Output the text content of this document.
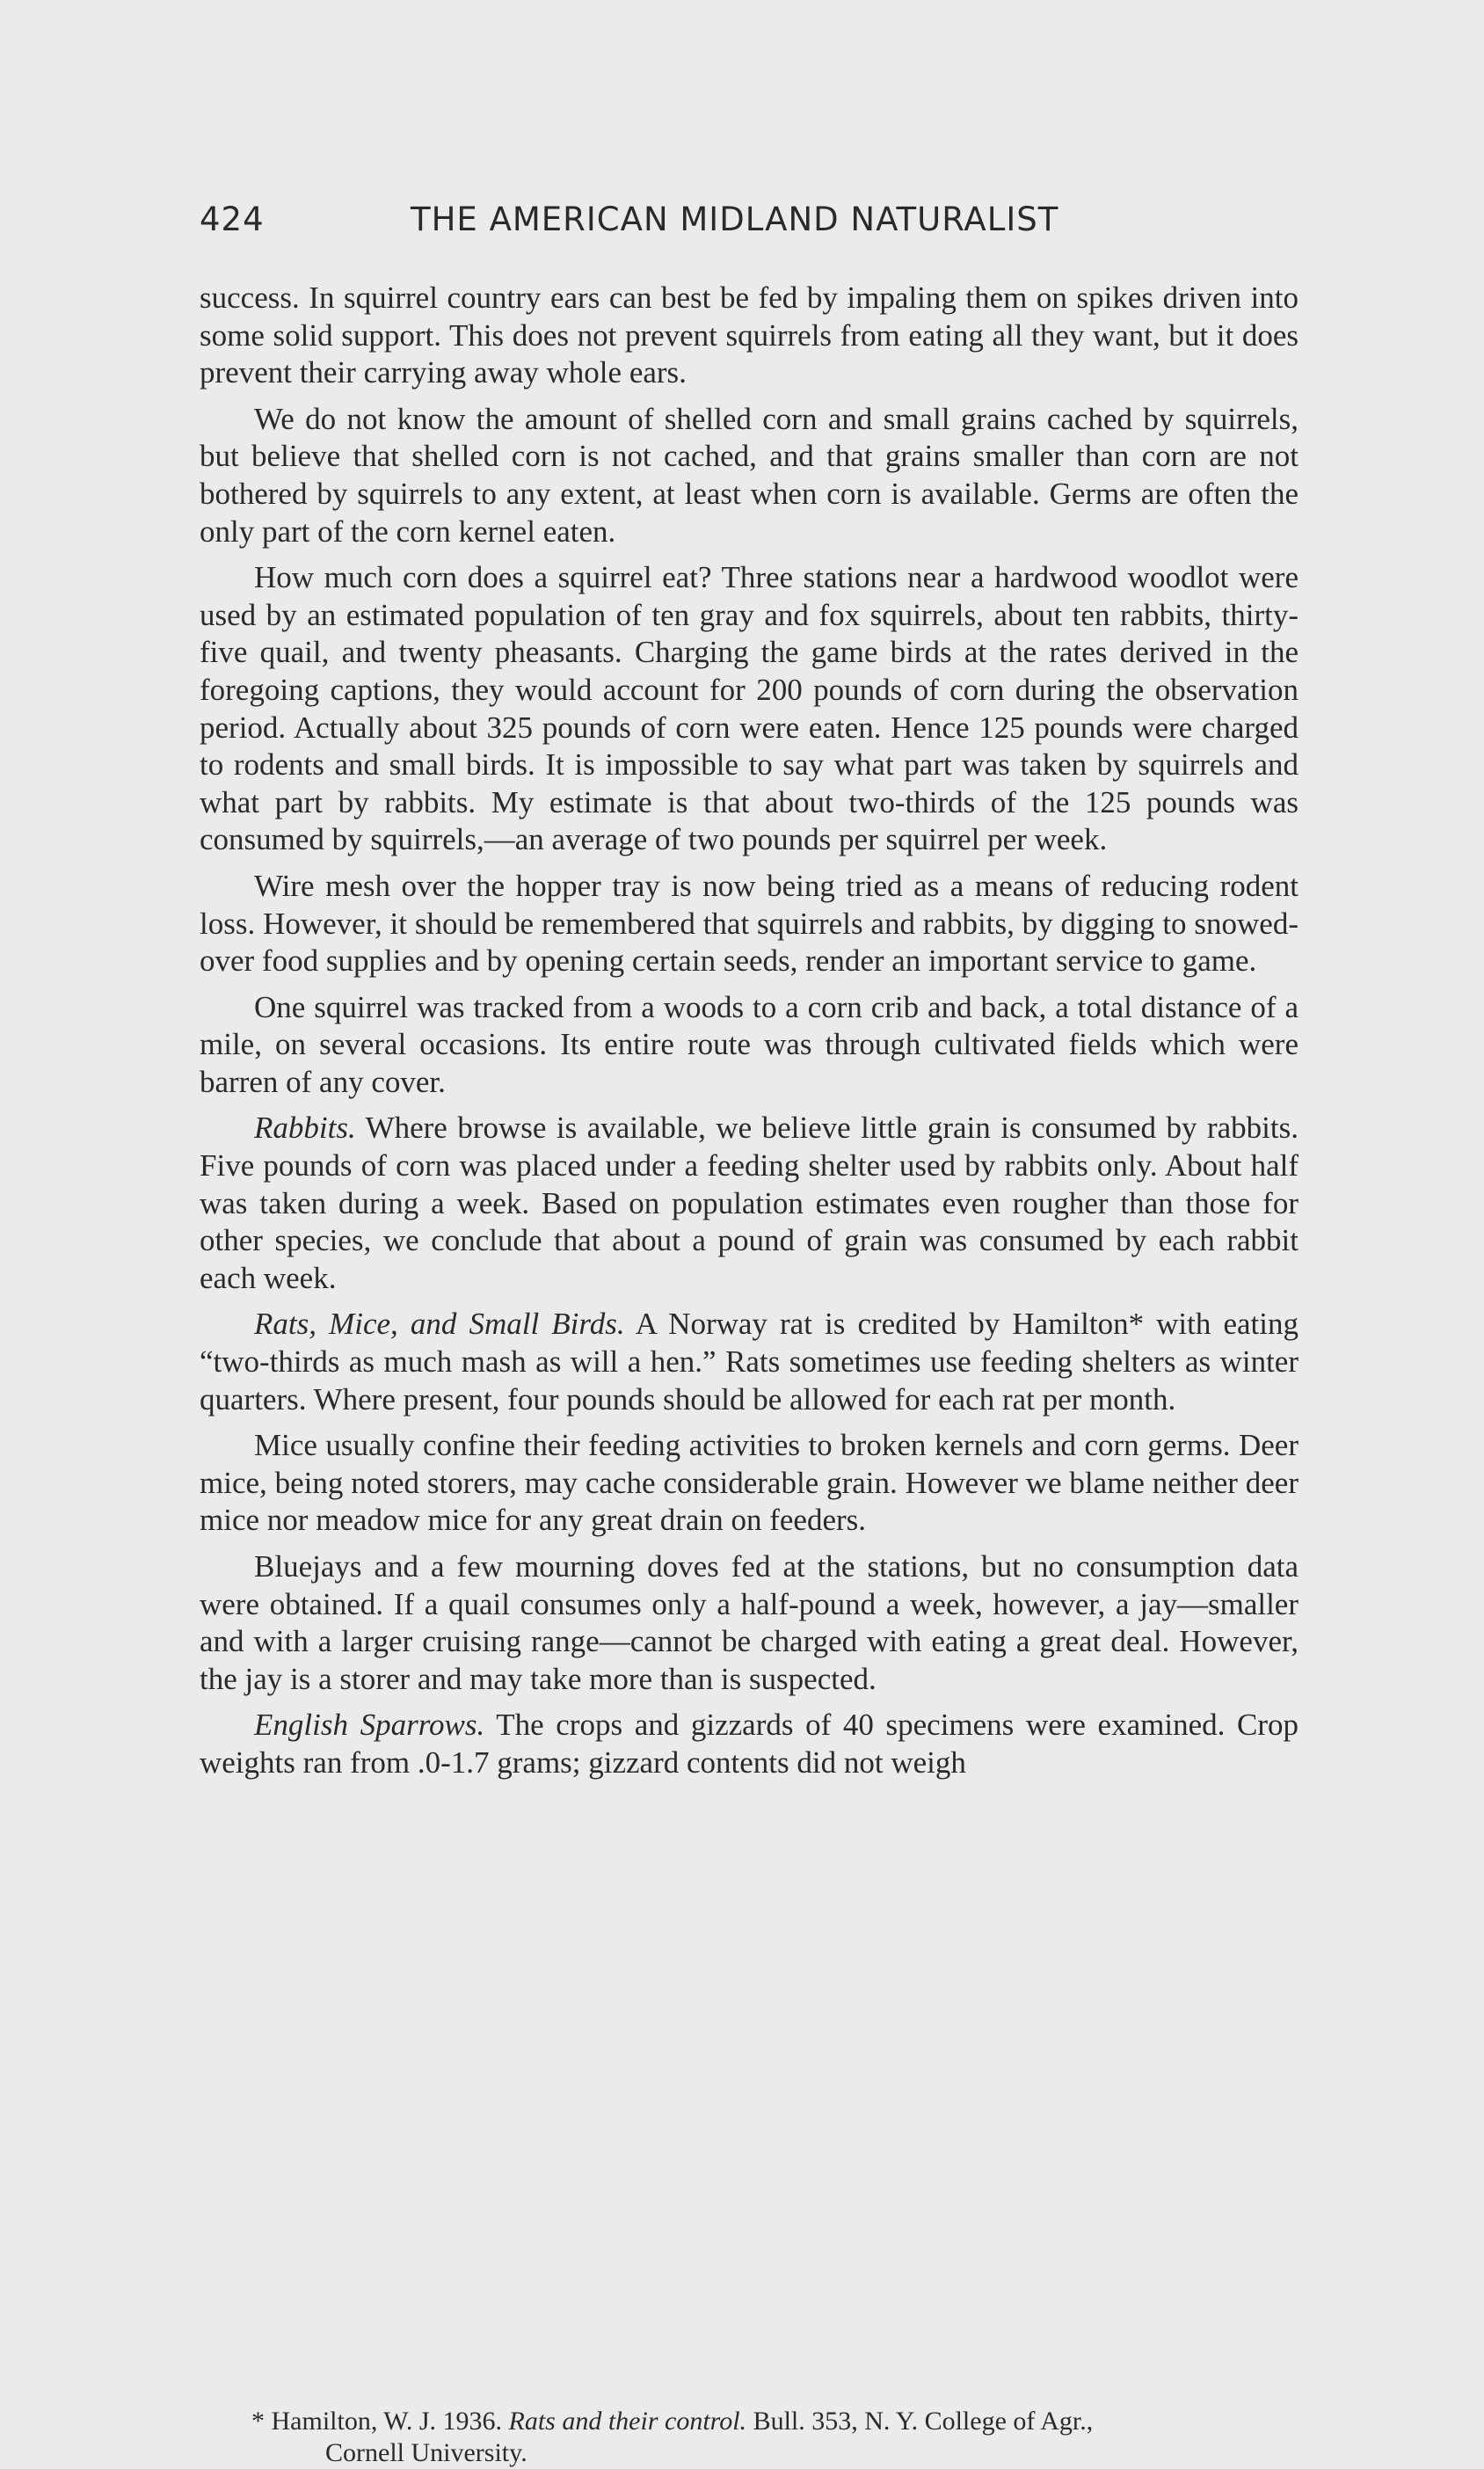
424	THE AMERICAN MIDLAND NATURALIST

success. In squirrel country ears can best be fed by impaling them on spikes driven into some solid support. This does not prevent squirrels from eating all they want, but it does prevent their carrying away whole ears.

We do not know the amount of shelled corn and small grains cached by squirrels, but believe that shelled corn is not cached, and that grains smaller than corn are not bothered by squirrels to any extent, at least when corn is available. Germs are often the only part of the corn kernel eaten.

How much corn does a squirrel eat? Three stations near a hardwood woodlot were used by an estimated population of ten gray and fox squirrels, about ten rabbits, thirty-five quail, and twenty pheasants. Charging the game birds at the rates derived in the foregoing captions, they would account for 200 pounds of corn during the observation period. Actually about 325 pounds of corn were eaten. Hence 125 pounds were charged to rodents and small birds. It is impossible to say what part was taken by squirrels and what part by rabbits. My estimate is that about two-thirds of the 125 pounds was consumed by squirrels,—an average of two pounds per squirrel per week.

Wire mesh over the hopper tray is now being tried as a means of reducing rodent loss. However, it should be remembered that squirrels and rabbits, by digging to snowed-over food supplies and by opening certain seeds, render an important service to game.

One squirrel was tracked from a woods to a corn crib and back, a total distance of a mile, on several occasions. Its entire route was through cultivated fields which were barren of any cover.

Rabbits. Where browse is available, we believe little grain is consumed by rabbits. Five pounds of corn was placed under a feeding shelter used by rabbits only. About half was taken during a week. Based on population estimates even rougher than those for other species, we conclude that about a pound of grain was consumed by each rabbit each week.

Rats, Mice, and Small Birds. A Norway rat is credited by Hamilton* with eating “two-thirds as much mash as will a hen.” Rats sometimes use feeding shelters as winter quarters. Where present, four pounds should be allowed for each rat per month.

Mice usually confine their feeding activities to broken kernels and corn germs. Deer mice, being noted storers, may cache considerable grain. However we blame neither deer mice nor meadow mice for any great drain on feeders.

Bluejays and a few mourning doves fed at the stations, but no consumption data were obtained. If a quail consumes only a half-pound a week, however, a jay—smaller and with a larger cruising range—cannot be charged with eating a great deal. However, the jay is a storer and may take more than is suspected.

English Sparrows. The crops and gizzards of 40 specimens were examined. Crop weights ran from .0-1.7 grams; gizzard contents did not weigh

* Hamilton, W. J. 1936. Rats and their control. Bull. 353, N. Y. College of Agr.,
Cornell University.
